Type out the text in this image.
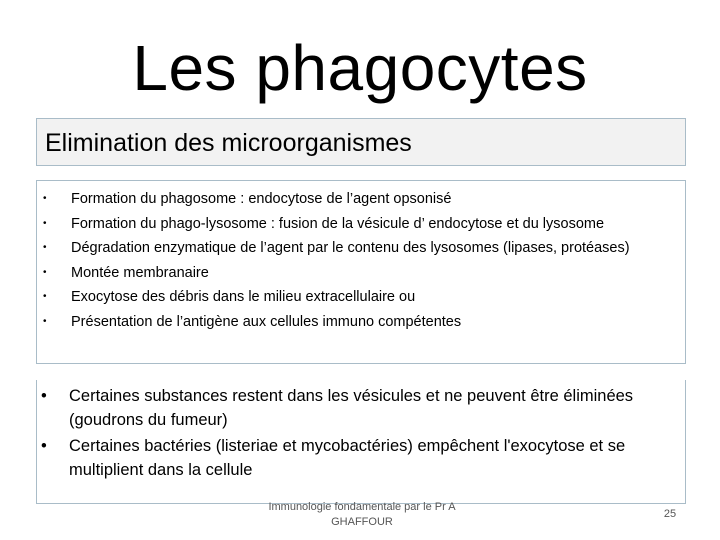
Les phagocytes
Elimination des microorganismes
• Formation du phagosome : endocytose de l’agent opsonisé
• Formation du phago-lysosome : fusion de la vésicule d’ endocytose et du lysosome
• Dégradation enzymatique de l’agent par le contenu des lysosomes (lipases, protéases)
• Montée membranaire
• Exocytose des débris dans le milieu extracellulaire ou
• Présentation de l’antigène aux cellules immuno compétentes
• Certaines substances restent dans les vésicules et ne peuvent être éliminées (goudrons du fumeur)
• Certaines bactéries (listeriae et mycobactéries) empêchent l'exocytose et se multiplient dans la cellule
Immunologie fondamentale par le Pr A GHAFFOUR
25
